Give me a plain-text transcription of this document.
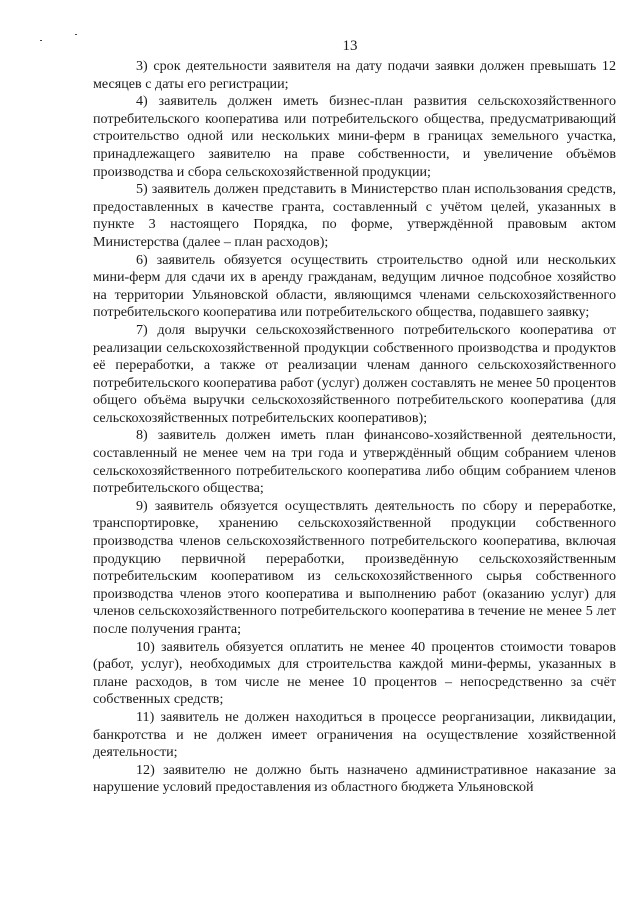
13

3) срок деятельности заявителя на дату подачи заявки должен превышать 12 месяцев с даты его регистрации;

4) заявитель должен иметь бизнес-план развития сельскохозяйственного потребительского кооператива или потребительского общества, предусматривающий строительство одной или нескольких мини-ферм в границах земельного участка, принадлежащего заявителю на праве собственности, и увеличение объёмов производства и сбора сельскохозяйственной продукции;

5) заявитель должен представить в Министерство план использования средств, предоставленных в качестве гранта, составленный с учётом целей, указанных в пункте 3 настоящего Порядка, по форме, утверждённой правовым актом Министерства (далее – план расходов);

6) заявитель обязуется осуществить строительство одной или нескольких мини-ферм для сдачи их в аренду гражданам, ведущим личное подсобное хозяйство на территории Ульяновской области, являющимся членами сельскохозяйственного потребительского кооператива или потребительского общества, подавшего заявку;

7) доля выручки сельскохозяйственного потребительского кооператива от реализации сельскохозяйственной продукции собственного производства и продуктов её переработки, а также от реализации членам данного сельскохозяйственного потребительского кооператива работ (услуг) должен составлять не менее 50 процентов общего объёма выручки сельскохозяйственного потребительского кооператива (для сельскохозяйственных потребительских кооперативов);

8) заявитель должен иметь план финансово-хозяйственной деятельности, составленный не менее чем на три года и утверждённый общим собранием членов сельскохозяйственного потребительского кооператива либо общим собранием членов потребительского общества;

9) заявитель обязуется осуществлять деятельность по сбору и переработке, транспортировке, хранению сельскохозяйственной продукции собственного производства членов сельскохозяйственного потребительского кооператива, включая продукцию первичной переработки, произведённую сельскохозяйственным потребительским кооперативом из сельскохозяйственного сырья собственного производства членов этого кооператива и выполнению работ (оказанию услуг) для членов сельскохозяйственного потребительского кооператива в течение не менее 5 лет после получения гранта;

10) заявитель обязуется оплатить не менее 40 процентов стоимости товаров (работ, услуг), необходимых для строительства каждой мини-фермы, указанных в плане расходов, в том числе не менее 10 процентов – непосредственно за счёт собственных средств;

11) заявитель не должен находиться в процессе реорганизации, ликвидации, банкротства и не должен имеет ограничения на осуществление хозяйственной деятельности;

12) заявителю не должно быть назначено административное наказание за нарушение условий предоставления из областного бюджета Ульяновской
